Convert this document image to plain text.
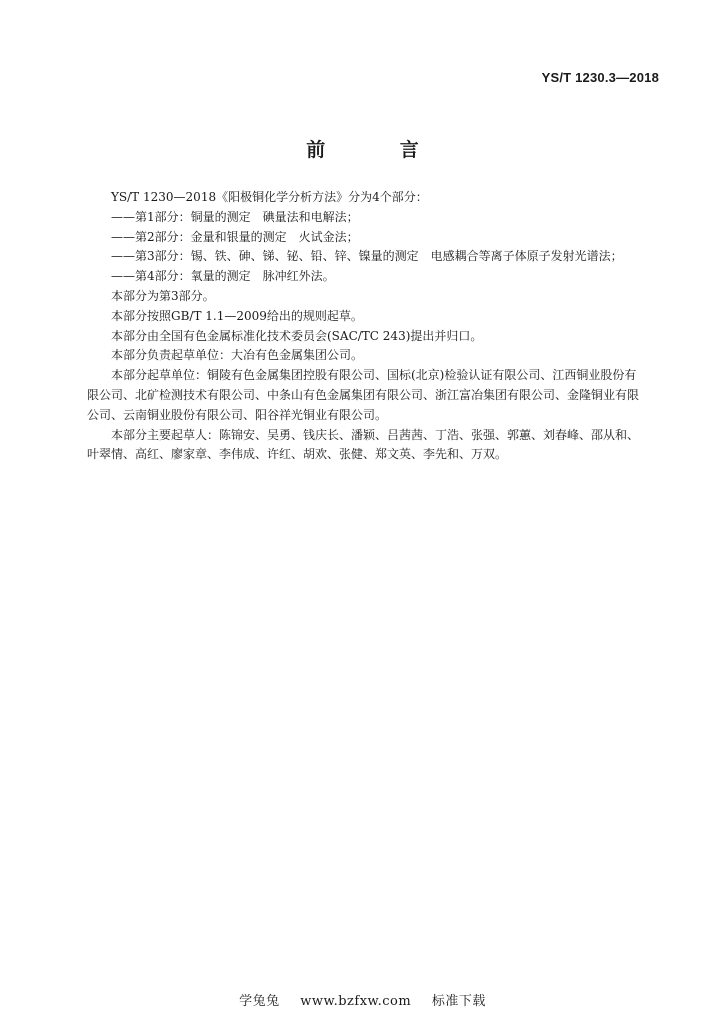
YS/T 1230.3—2018
前 言

YS/T 1230—2018《阳极铜化学分析方法》分为4个部分：

——第1部分：铜量的测定 碘量法和电解法；

——第2部分：金量和银量的测定 火试金法；

——第3部分：锡、铁、砷、锑、铋、铅、锌、镍量的测定 电感耦合等离子体原子发射光谱法；

——第4部分：氧量的测定 脉冲红外法。

本部分为第3部分。

本部分按照GB/T 1.1—2009给出的规则起草。

本部分由全国有色金属标准化技术委员会(SAC/TC 243)提出并归口。

本部分负责起草单位：大冶有色金属集团公司。

本部分起草单位：铜陵有色金属集团控股有限公司、国标(北京)检验认证有限公司、江西铜业股份有限公司、北矿检测技术有限公司、中条山有色金属集团有限公司、浙江富冶集团有限公司、金隆铜业有限公司、云南铜业股份有限公司、阳谷祥光铜业有限公司。

本部分主要起草人：陈锦安、吴勇、钱庆长、潘颖、吕茜茜、丁浩、张强、郭蕙、刘春峰、邵从和、叶翠情、高红、廖家章、李伟成、许红、胡欢、张健、郑文英、李先和、万双。

学兔兔 www.bzfxw.com 标准下载
